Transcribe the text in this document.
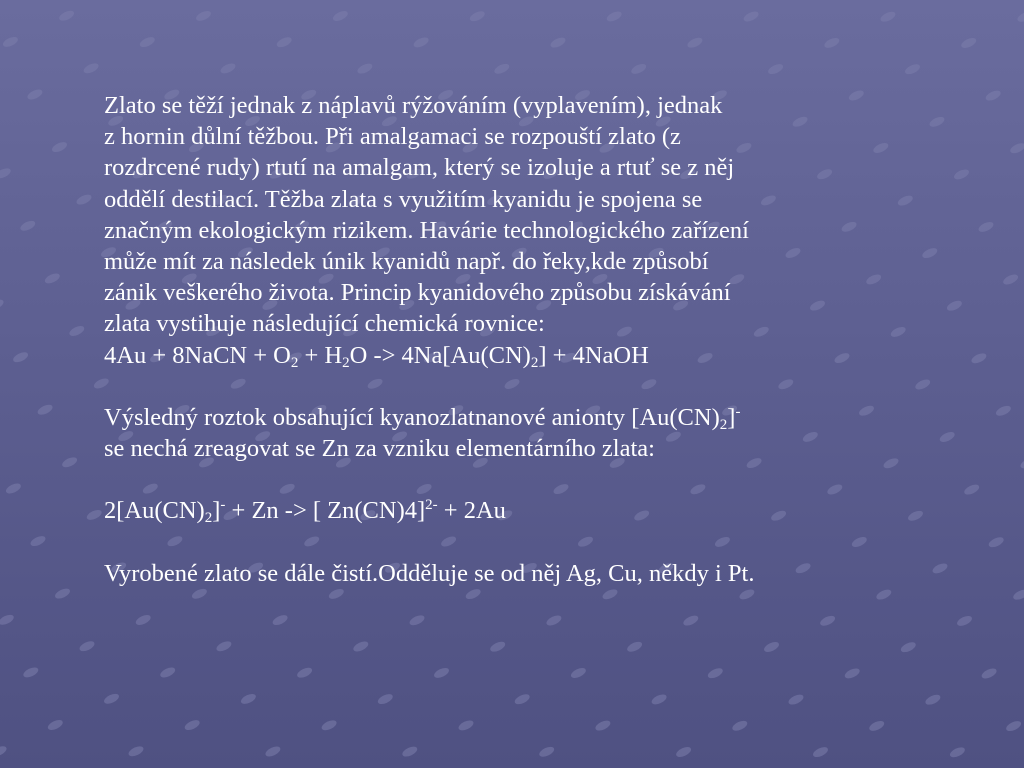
Zlato se těží jednak z náplavů rýžováním (vyplavením), jednak
z hornin důlní těžbou. Při amalgamaci se rozpouští zlato (z
rozdrcené rudy) rtutí na amalgam, který se izoluje a rtuť se z něj
oddělí destilací. Těžba zlata s využitím kyanidu je spojena se
značným ekologickým rizikem. Havárie technologického zařízení
může mít za následek únik kyanidů např. do řeky,kde způsobí
zánik veškerého života. Princip kyanidového způsobu získávání
zlata vystihuje následující chemická rovnice:
4Au + 8NaCN + $O_2 + H_2O -> 4Na[Au(CN)_2]$ + 4NaOH
Výsledný roztok obsahující kyanozlatnanové anionty $[Au(CN)_2]^-$
se nechá zreagovat se Zn za vzniku elementárního zlata:
$2[Au(CN)_2]^- + Zn$ -> [ Zn(CN)4]$^{2-}$ + 2Au
Vyrobené zlato se dále čistí.Odděluje se od něj Ag, Cu, někdy i Pt.
